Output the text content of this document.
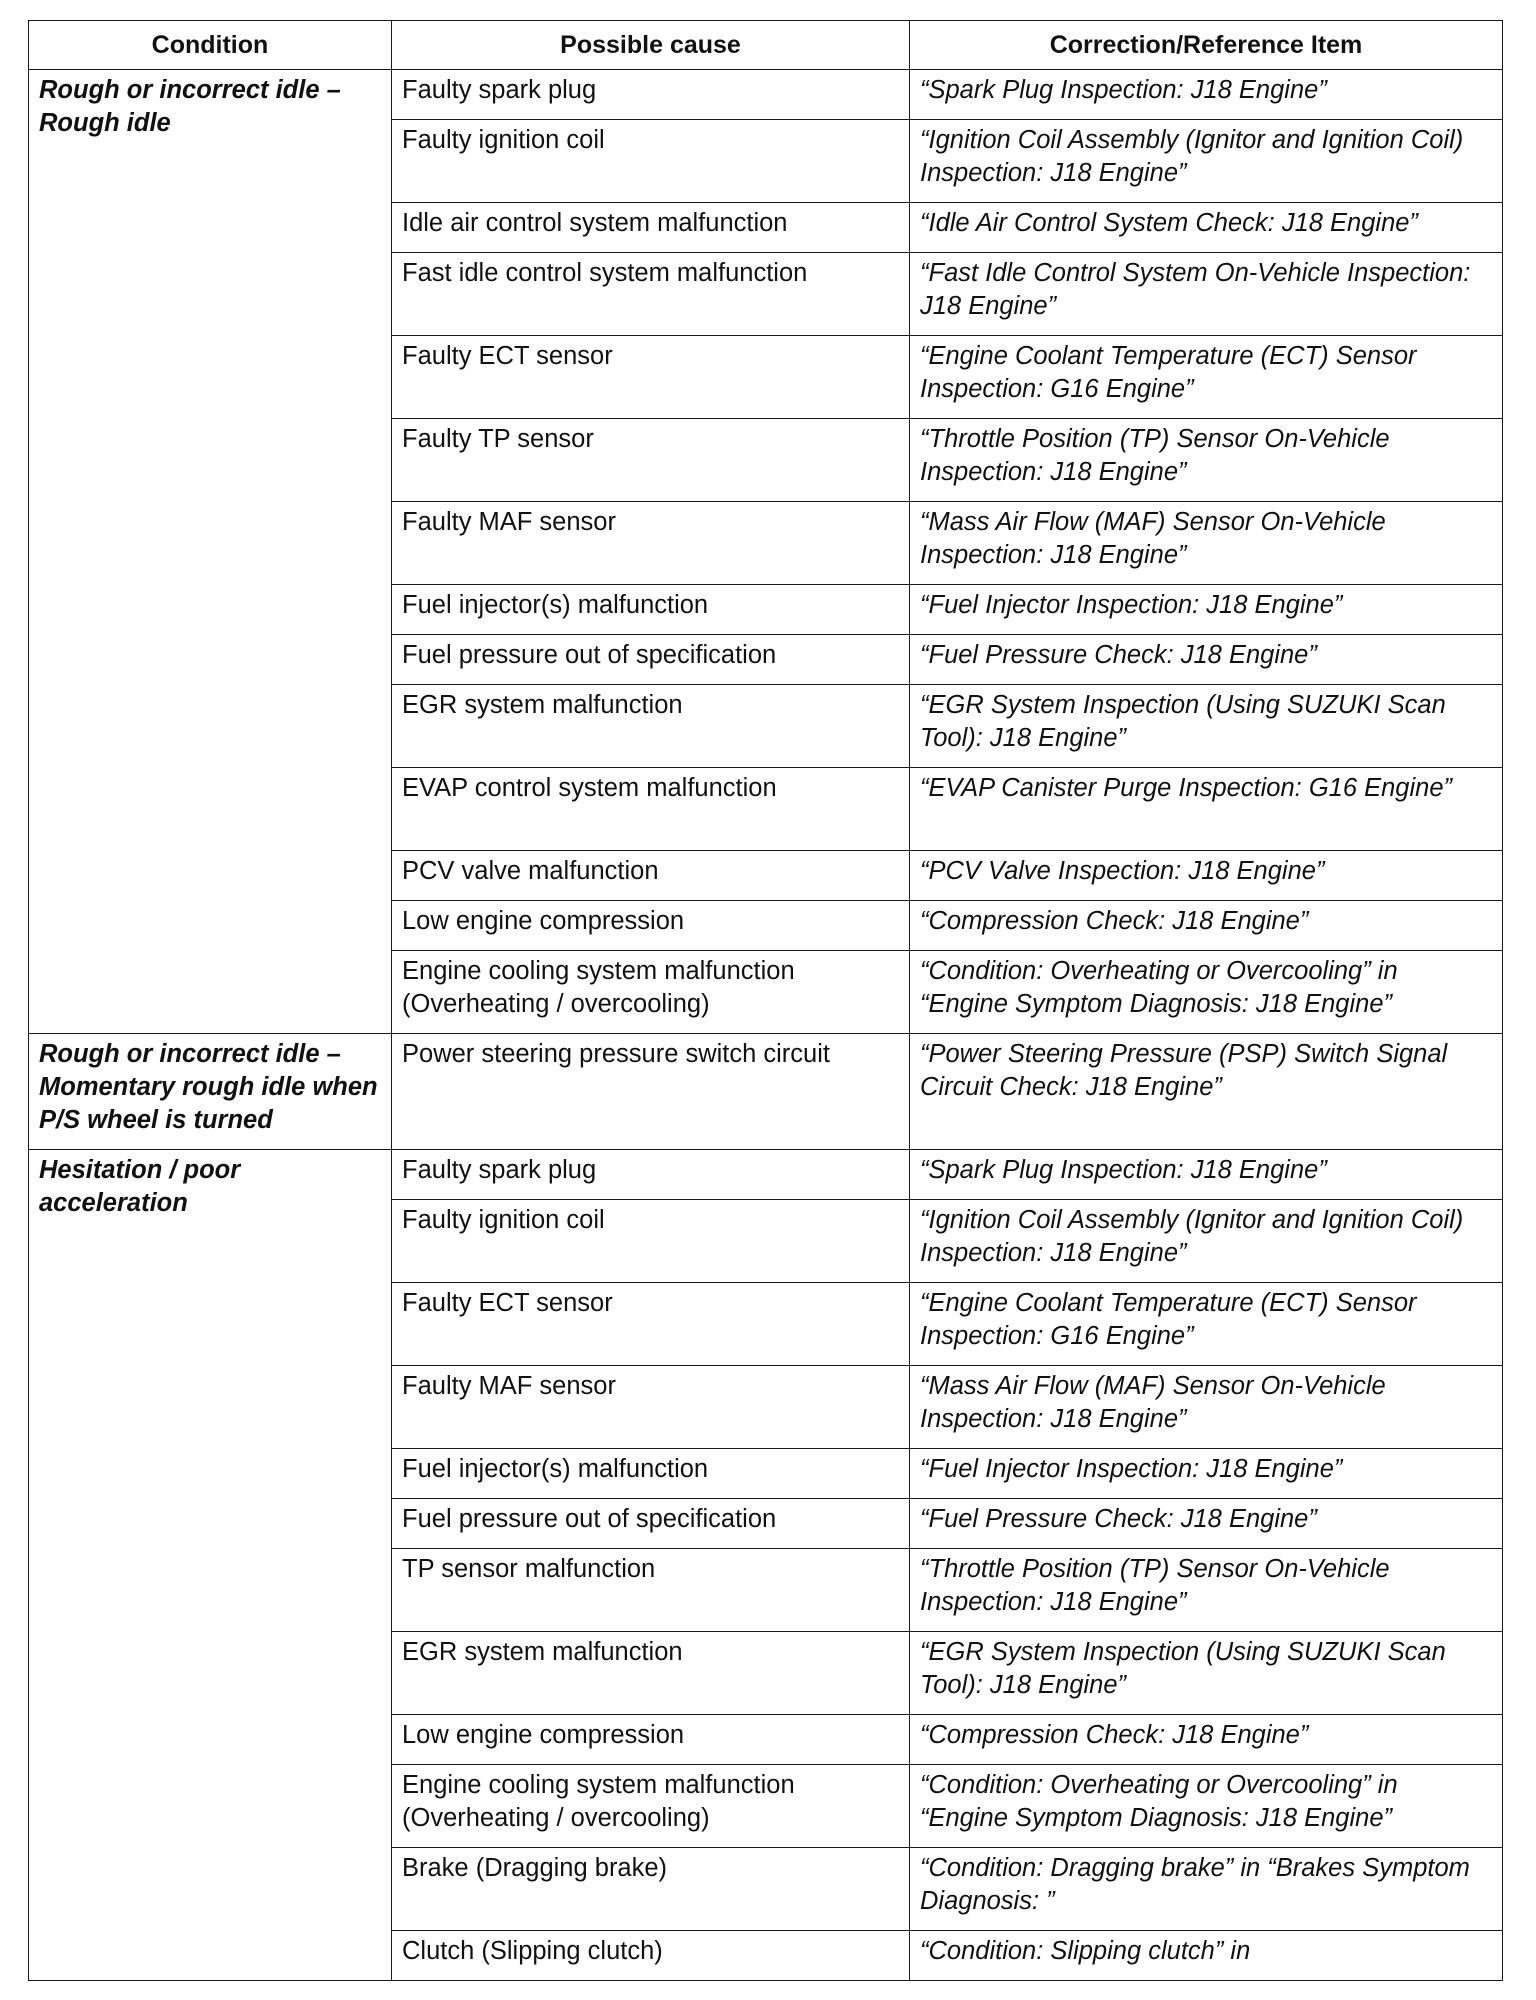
Condition	Possible cause	Correction/Reference Item
Rough or incorrect idle – Rough idle	Faulty spark plug	“Spark Plug Inspection: J18 Engine”
	Faulty ignition coil	“Ignition Coil Assembly (Ignitor and Ignition Coil) Inspection: J18 Engine”
	Idle air control system malfunction	“Idle Air Control System Check: J18 Engine”
	Fast idle control system malfunction	“Fast Idle Control System On-Vehicle Inspection: J18 Engine”
	Faulty ECT sensor	“Engine Coolant Temperature (ECT) Sensor Inspection: G16 Engine”
	Faulty TP sensor	“Throttle Position (TP) Sensor On-Vehicle Inspection: J18 Engine”
	Faulty MAF sensor	“Mass Air Flow (MAF) Sensor On-Vehicle Inspection: J18 Engine”
	Fuel injector(s) malfunction	“Fuel Injector Inspection: J18 Engine”
	Fuel pressure out of specification	“Fuel Pressure Check: J18 Engine”
	EGR system malfunction	“EGR System Inspection (Using SUZUKI Scan Tool): J18 Engine”
	EVAP control system malfunction	“EVAP Canister Purge Inspection: G16 Engine”
	PCV valve malfunction	“PCV Valve Inspection: J18 Engine”
	Low engine compression	“Compression Check: J18 Engine”
	Engine cooling system malfunction (Overheating / overcooling)	“Condition: Overheating or Overcooling” in “Engine Symptom Diagnosis: J18 Engine”
Rough or incorrect idle – Momentary rough idle when P/S wheel is turned	Power steering pressure switch circuit	“Power Steering Pressure (PSP) Switch Signal Circuit Check: J18 Engine”
Hesitation / poor acceleration	Faulty spark plug	“Spark Plug Inspection: J18 Engine”
	Faulty ignition coil	“Ignition Coil Assembly (Ignitor and Ignition Coil) Inspection: J18 Engine”
	Faulty ECT sensor	“Engine Coolant Temperature (ECT) Sensor Inspection: G16 Engine”
	Faulty MAF sensor	“Mass Air Flow (MAF) Sensor On-Vehicle Inspection: J18 Engine”
	Fuel injector(s) malfunction	“Fuel Injector Inspection: J18 Engine”
	Fuel pressure out of specification	“Fuel Pressure Check: J18 Engine”
	TP sensor malfunction	“Throttle Position (TP) Sensor On-Vehicle Inspection: J18 Engine”
	EGR system malfunction	“EGR System Inspection (Using SUZUKI Scan Tool): J18 Engine”
	Low engine compression	“Compression Check: J18 Engine”
	Engine cooling system malfunction (Overheating / overcooling)	“Condition: Overheating or Overcooling” in “Engine Symptom Diagnosis: J18 Engine”
	Brake (Dragging brake)	“Condition: Dragging brake” in “Brakes Symptom Diagnosis: ”
	Clutch (Slipping clutch)	“Condition: Slipping clutch” in
